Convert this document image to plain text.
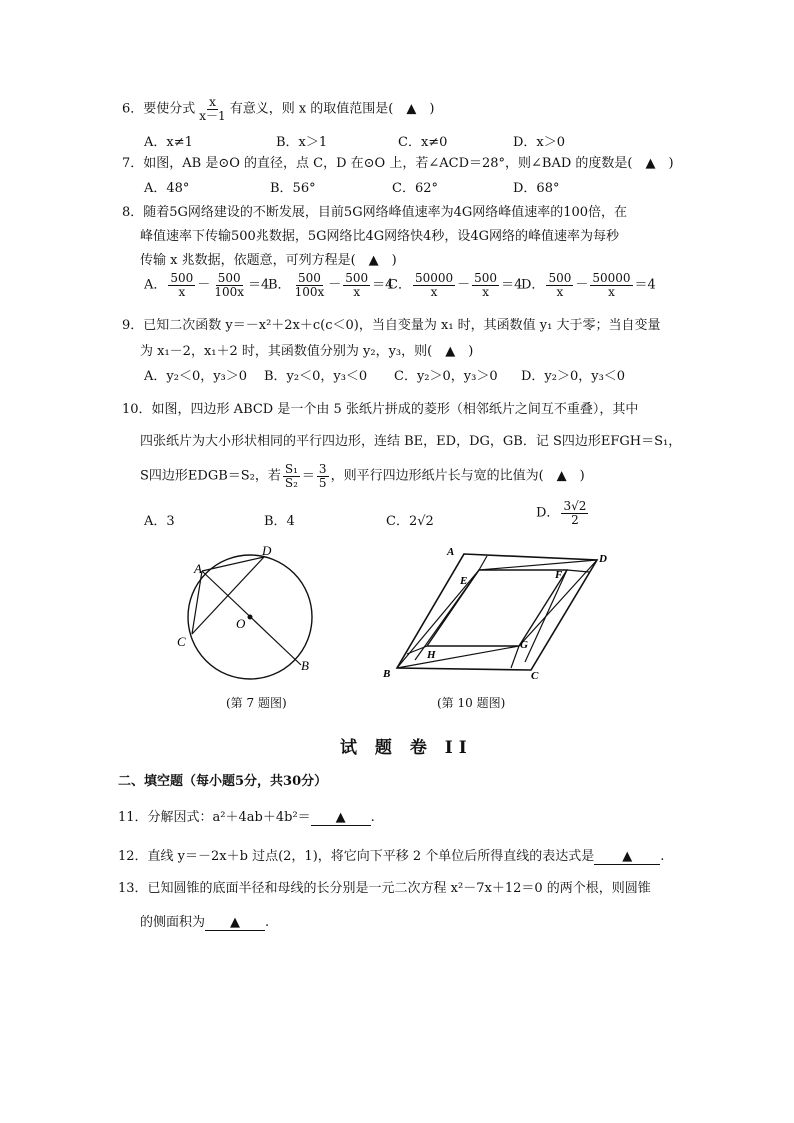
6．要使分式 $\frac{x}{x-1}$ 有意义，则 x 的取值范围是(　▲　)
A．x≠1	B．x＞1	C．x≠0	D．x＞0
7．如图，AB 是⊙O 的直径，点 C，D 在⊙O 上，若∠ACD＝28°，则∠BAD 的度数是(　▲　)
A．48°	B．56°	C．62°	D．68°
8．随着5G网络建设的不断发展，目前5G网络峰值速率为4G网络峰值速率的100倍，在
峰值速率下传输500兆数据，5G网络比4G网络快4秒，设4G网络的峰值速率为每秒
传输 x 兆数据，依题意，可列方程是(　▲　)
A． $\frac{500}{x} - \frac{500}{100x} =4$
B． $\frac{500}{100x} - \frac{500}{x} =4$
C． $\frac{50000}{x} - \frac{500}{x} =4$
D． $\frac{500}{x} - \frac{50000}{x} =4$
9．已知二次函数 y＝－x²＋2x＋c(c＜0)，当自变量为 x₁ 时，其函数值 y₁ 大于零；当自变量
为 x₁－2，x₁＋2 时，其函数值分别为 y₂，y₃，则(　▲　)
A．y₂＜0，y₃＞0 B．y₂＜0，y₃＜0 C．y₂＞0，y₃＞0 D．y₂＞0，y₃＜0
10．如图，四边形 ABCD 是一个由 5 张纸片拼成的菱形（相邻纸片之间互不重叠），其中
四张纸片为大小形状相同的平行四边形，连结 BE，ED，DG，GB．记 S四边形EFGH＝S₁，
S四边形EDGB＝S₂，若 $\frac{\text{S₁}}{\text{S₂}} = \frac{3}{5}$ ，则平行四边形纸片长与宽的比值为(　▲　)
A．3	B．4	C．2√2
D． $\frac{3√2}{2}$
A
D
C
O
B
(第 7 题图)
A
D
E	F
G
H
B	C
(第 10 题图)
试 题 卷 II
二、填空题（每小题5分，共30分）
11．分解因式：a²＋4ab＋4b²＝ ▲ .
12．直线 y＝－2x＋b 过点(2，1)，将它向下平移 2 个单位后所得直线的表达式是 ▲ .
13．已知圆锥的底面半径和母线的长分别是一元二次方程 x²－7x＋12＝0 的两个根，则圆锥
的侧面积为 ▲ .
